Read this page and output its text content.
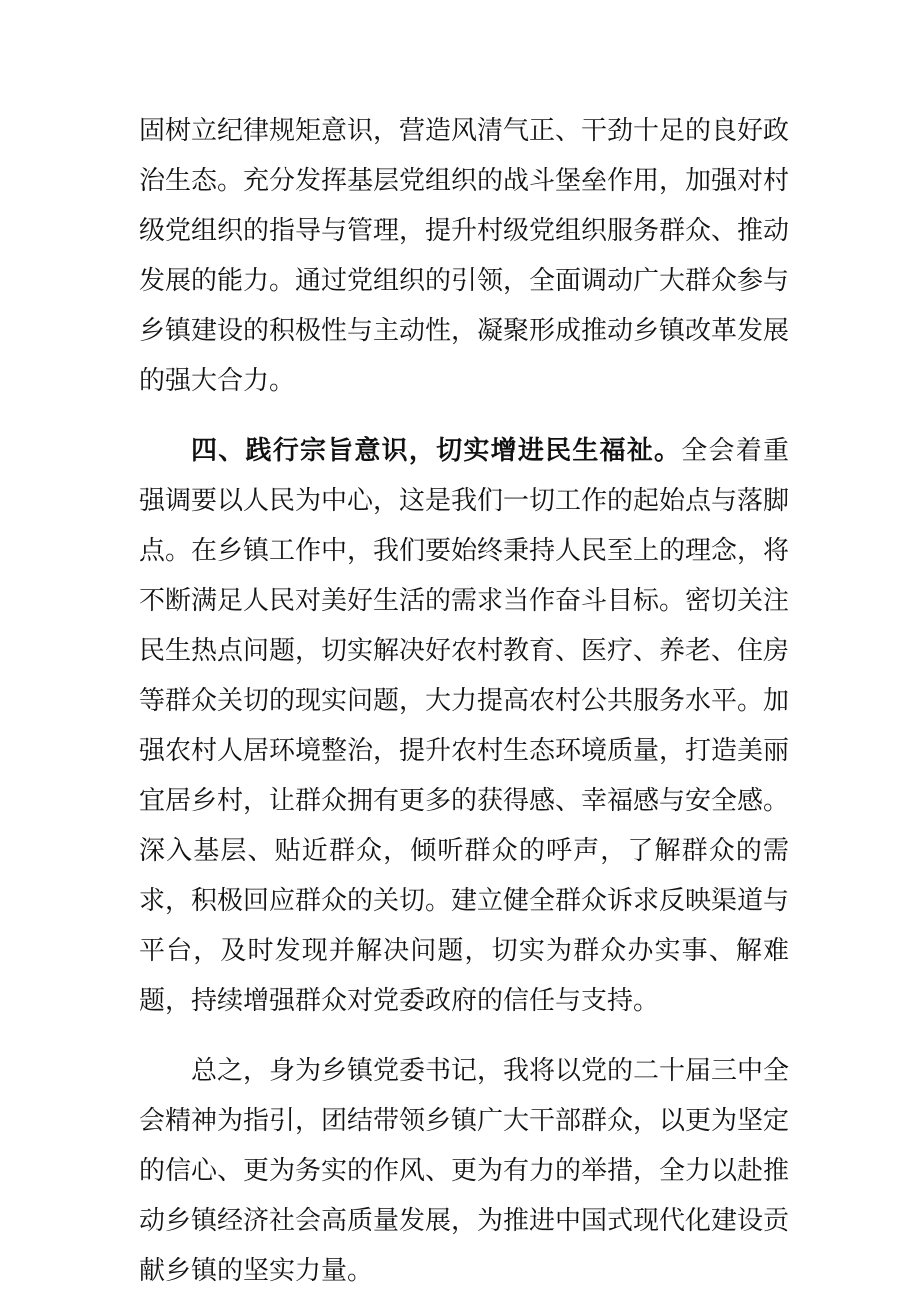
固树立纪律规矩意识，营造风清气正、干劲十足的良好政治生态。充分发挥基层党组织的战斗堡垒作用，加强对村级党组织的指导与管理，提升村级党组织服务群众、推动发展的能力。通过党组织的引领，全面调动广大群众参与乡镇建设的积极性与主动性，凝聚形成推动乡镇改革发展的强大合力。

四、践行宗旨意识，切实增进民生福祉。全会着重强调要以人民为中心，这是我们一切工作的起始点与落脚点。在乡镇工作中，我们要始终秉持人民至上的理念，将不断满足人民对美好生活的需求当作奋斗目标。密切关注民生热点问题，切实解决好农村教育、医疗、养老、住房等群众关切的现实问题，大力提高农村公共服务水平。加强农村人居环境整治，提升农村生态环境质量，打造美丽宜居乡村，让群众拥有更多的获得感、幸福感与安全感。深入基层、贴近群众，倾听群众的呼声，了解群众的需求，积极回应群众的关切。建立健全群众诉求反映渠道与平台，及时发现并解决问题，切实为群众办实事、解难题，持续增强群众对党委政府的信任与支持。

总之，身为乡镇党委书记，我将以党的二十届三中全会精神为指引，团结带领乡镇广大干部群众，以更为坚定的信心、更为务实的作风、更为有力的举措，全力以赴推动乡镇经济社会高质量发展，为推进中国式现代化建设贡献乡镇的坚实力量。
